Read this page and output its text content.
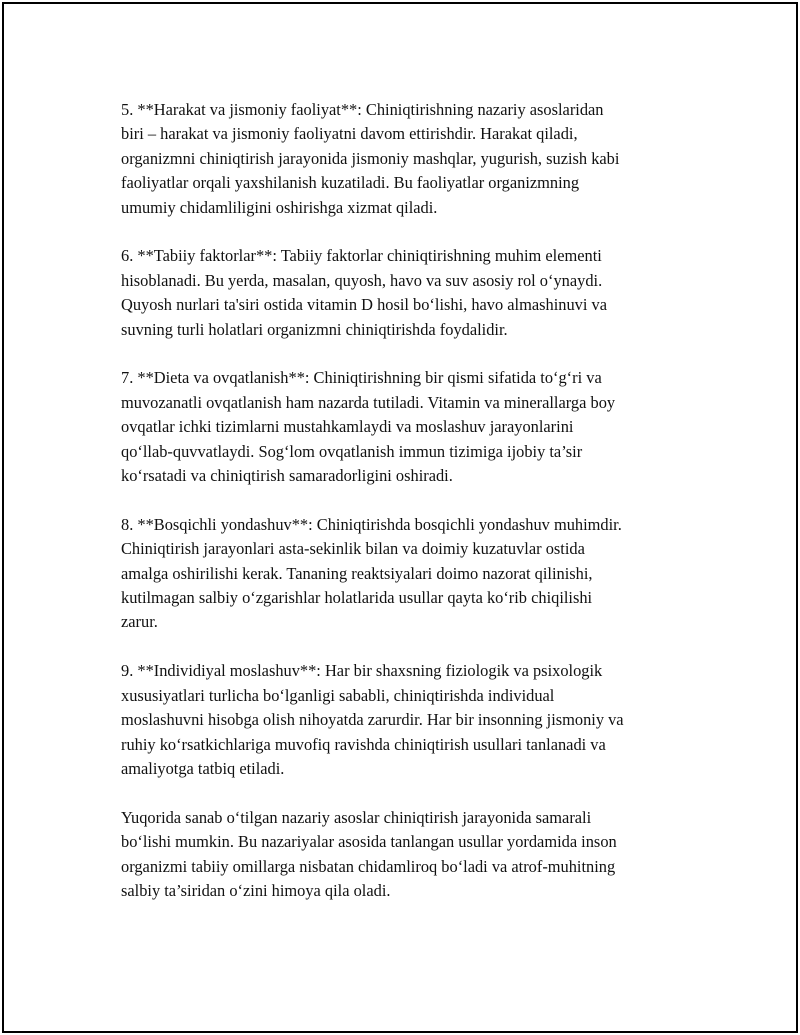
5. **Harakat va jismoniy faoliyat**: Chiniqtirishning nazariy asoslaridan
biri – harakat va jismoniy faoliyatni davom ettirishdir. Harakat qiladi,
organizmni chiniqtirish jarayonida jismoniy mashqlar, yugurish, suzish kabi
faoliyatlar orqali yaxshilanish kuzatiladi. Bu faoliyatlar organizmning
umumiy chidamliligini oshirishga xizmat qiladi.

6. **Tabiiy faktorlar**: Tabiiy faktorlar chiniqtirishning muhim elementi
hisoblanadi. Bu yerda, masalan, quyosh, havo va suv asosiy rol o‘ynaydi.
Quyosh nurlari ta'siri ostida vitamin D hosil bo‘lishi, havo almashinuvi va
suvning turli holatlari organizmni chiniqtirishda foydalidir.

7. **Dieta va ovqatlanish**: Chiniqtirishning bir qismi sifatida to‘g‘ri va
muvozanatli ovqatlanish ham nazarda tutiladi. Vitamin va minerallarga boy
ovqatlar ichki tizimlarni mustahkamlaydi va moslashuv jarayonlarini
qo‘llab-quvvatlaydi. Sog‘lom ovqatlanish immun tizimiga ijobiy ta’sir
ko‘rsatadi va chiniqtirish samaradorligini oshiradi.

8. **Bosqichli yondashuv**: Chiniqtirishda bosqichli yondashuv muhimdir.
Chiniqtirish jarayonlari asta-sekinlik bilan va doimiy kuzatuvlar ostida
amalga oshirilishi kerak. Tananing reaktsiyalari doimo nazorat qilinishi,
kutilmagan salbiy o‘zgarishlar holatlarida usullar qayta ko‘rib chiqilishi
zarur.

9. **Individiyal moslashuv**: Har bir shaxsning fiziologik va psixologik
xususiyatlari turlicha bo‘lganligi sababli, chiniqtirishda individual
moslashuvni hisobga olish nihoyatda zarurdir. Har bir insonning jismoniy va
ruhiy ko‘rsatkichlariga muvofiq ravishda chiniqtirish usullari tanlanadi va
amaliyotga tatbiq etiladi.

Yuqorida sanab o‘tilgan nazariy asoslar chiniqtirish jarayonida samarali
bo‘lishi mumkin. Bu nazariyalar asosida tanlangan usullar yordamida inson
organizmi tabiiy omillarga nisbatan chidamliroq bo‘ladi va atrof-muhitning
salbiy ta’siridan o‘zini himoya qila oladi.
